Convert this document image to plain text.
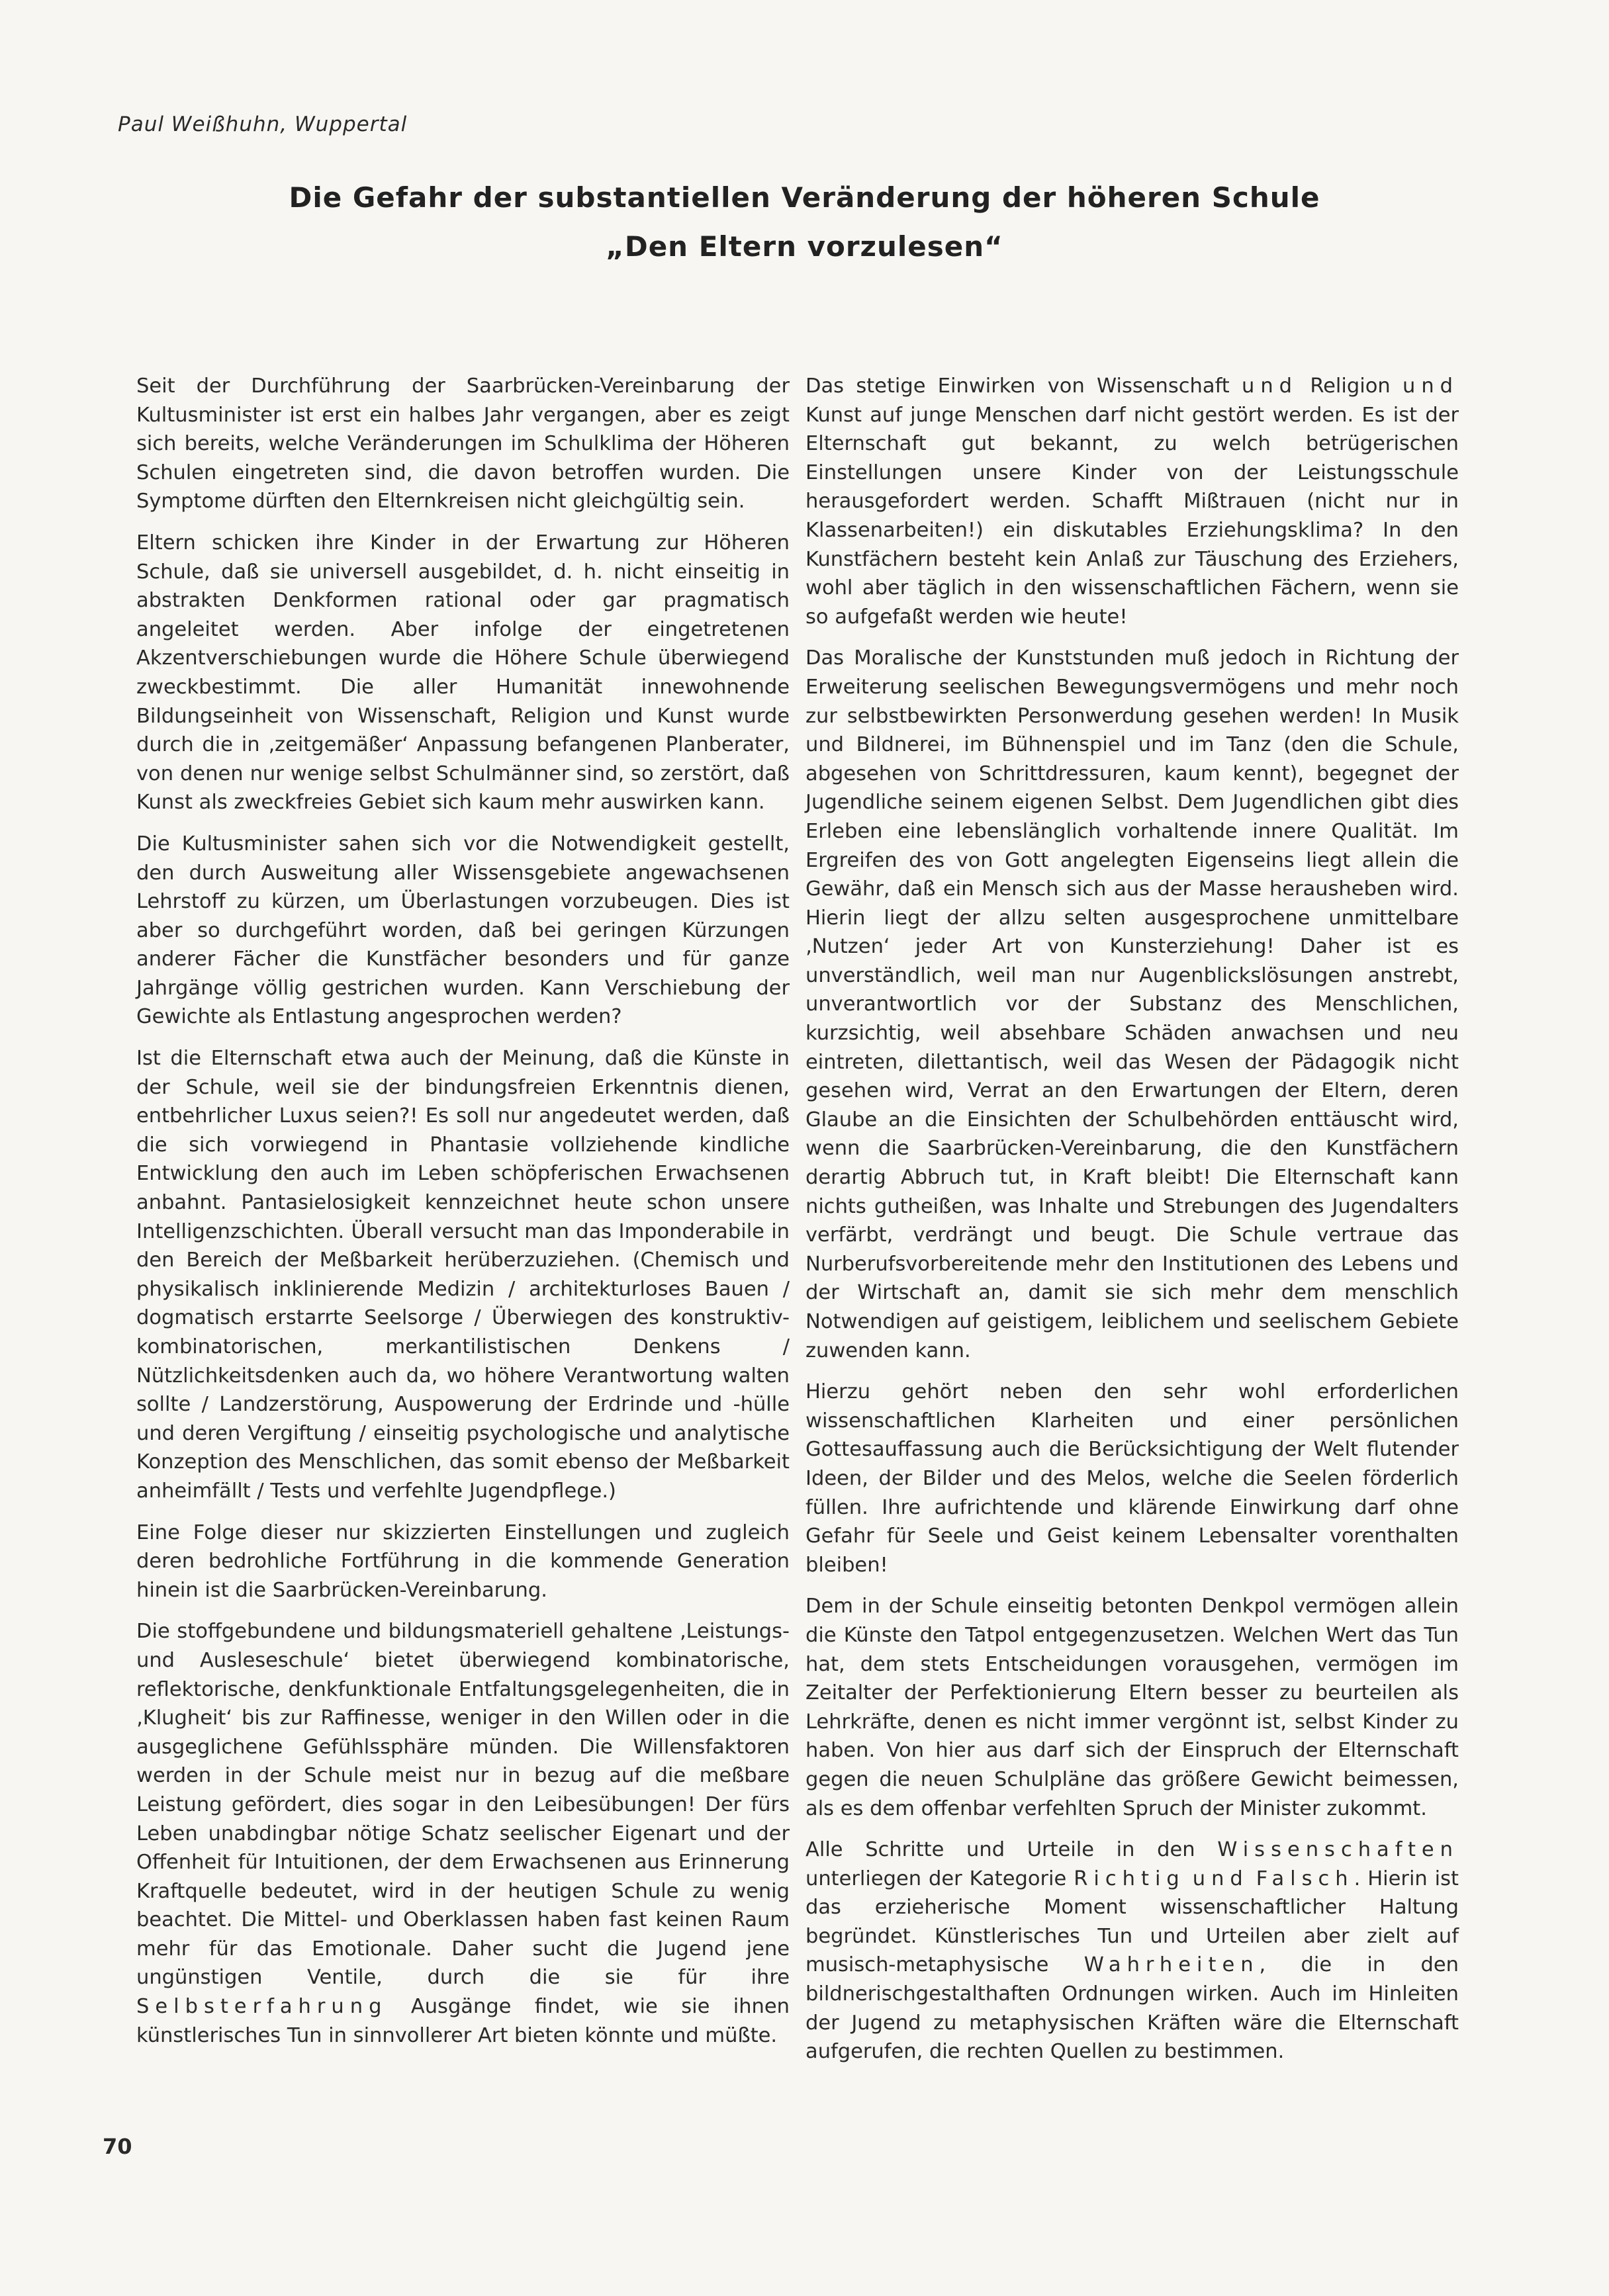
Paul Weißhuhn, Wuppertal
Die Gefahr der substantiellen Veränderung der höheren Schule
„Den Eltern vorzulesen“

Seit der Durchführung der Saarbrücken-Vereinbarung der Kultusminister ist erst ein halbes Jahr vergangen, aber es zeigt sich bereits, welche Veränderungen im Schulklima der Höheren Schulen eingetreten sind, die davon betroffen wurden. Die Symptome dürften den Elternkreisen nicht gleichgültig sein.

Eltern schicken ihre Kinder in der Erwartung zur Höheren Schule, daß sie universell ausgebildet, d. h. nicht einseitig in abstrakten Denkformen rational oder gar pragmatisch angeleitet werden. Aber infolge der eingetretenen Akzentverschiebungen wurde die Höhere Schule überwiegend zweckbestimmt. Die aller Humanität innewohnende Bildungseinheit von Wissenschaft, Religion und Kunst wurde durch die in ‚zeitgemäßer‘ Anpassung befangenen Planberater, von denen nur wenige selbst Schulmänner sind, so zerstört, daß Kunst als zweckfreies Gebiet sich kaum mehr auswirken kann.

Die Kultusminister sahen sich vor die Notwendigkeit gestellt, den durch Ausweitung aller Wissensgebiete angewachsenen Lehrstoff zu kürzen, um Überlastungen vorzubeugen. Dies ist aber so durchgeführt worden, daß bei geringen Kürzungen anderer Fächer die Kunstfächer besonders und für ganze Jahrgänge völlig gestrichen wurden. Kann Verschiebung der Gewichte als Entlastung angesprochen werden?

Ist die Elternschaft etwa auch der Meinung, daß die Künste in der Schule, weil sie der bindungsfreien Erkenntnis dienen, entbehrlicher Luxus seien?! Es soll nur angedeutet werden, daß die sich vorwiegend in Phantasie vollziehende kindliche Entwicklung den auch im Leben schöpferischen Erwachsenen anbahnt. Pantasielosigkeit kennzeichnet heute schon unsere Intelligenzschichten. Überall versucht man das Imponderabile in den Bereich der Meßbarkeit herüberzuziehen. (Chemisch und physikalisch inklinierende Medizin / architekturloses Bauen / dogmatisch erstarrte Seelsorge / Überwiegen des konstruktiv-kombinatorischen, merkantilistischen Denkens / Nützlichkeitsdenken auch da, wo höhere Verantwortung walten sollte / Landzerstörung, Auspowerung der Erdrinde und -hülle und deren Vergiftung / einseitig psychologische und analytische Konzeption des Menschlichen, das somit ebenso der Meßbarkeit anheimfällt / Tests und verfehlte Jugendpflege.)

Eine Folge dieser nur skizzierten Einstellungen und zugleich deren bedrohliche Fortführung in die kommende Generation hinein ist die Saarbrücken-Vereinbarung.

Die stoffgebundene und bildungsmateriell gehaltene ‚Leistungs- und Ausleseschule‘ bietet überwiegend kombinatorische, reflektorische, denkfunktionale Entfaltungsgelegenheiten, die in ‚Klugheit‘ bis zur Raffinesse, weniger in den Willen oder in die ausgeglichene Gefühlssphäre münden. Die Willensfaktoren werden in der Schule meist nur in bezug auf die meßbare Leistung gefördert, dies sogar in den Leibesübungen! Der fürs Leben unabdingbar nötige Schatz seelischer Eigenart und der Offenheit für Intuitionen, der dem Erwachsenen aus Erinnerung Kraftquelle bedeutet, wird in der heutigen Schule zu wenig beachtet. Die Mittel- und Oberklassen haben fast keinen Raum mehr für das Emotionale. Daher sucht die Jugend jene ungünstigen Ventile, durch die sie für ihre Selbsterfahrung Ausgänge findet, wie sie ihnen künstlerisches Tun in sinnvollerer Art bieten könnte und müßte.

Das stetige Einwirken von Wissenschaft und Religion und Kunst auf junge Menschen darf nicht gestört werden. Es ist der Elternschaft gut bekannt, zu welch betrügerischen Einstellungen unsere Kinder von der Leistungsschule herausgefordert werden. Schafft Mißtrauen (nicht nur in Klassenarbeiten!) ein diskutables Erziehungsklima? In den Kunstfächern besteht kein Anlaß zur Täuschung des Erziehers, wohl aber täglich in den wissenschaftlichen Fächern, wenn sie so aufgefaßt werden wie heute!

Das Moralische der Kunststunden muß jedoch in Richtung der Erweiterung seelischen Bewegungsvermögens und mehr noch zur selbstbewirkten Personwerdung gesehen werden! In Musik und Bildnerei, im Bühnenspiel und im Tanz (den die Schule, abgesehen von Schrittdressuren, kaum kennt), begegnet der Jugendliche seinem eigenen Selbst. Dem Jugendlichen gibt dies Erleben eine lebenslänglich vorhaltende innere Qualität. Im Ergreifen des von Gott angelegten Eigenseins liegt allein die Gewähr, daß ein Mensch sich aus der Masse herausheben wird. Hierin liegt der allzu selten ausgesprochene unmittelbare ‚Nutzen‘ jeder Art von Kunsterziehung! Daher ist es unverständlich, weil man nur Augenblickslösungen anstrebt, unverantwortlich vor der Substanz des Menschlichen, kurzsichtig, weil absehbare Schäden anwachsen und neu eintreten, dilettantisch, weil das Wesen der Pädagogik nicht gesehen wird, Verrat an den Erwartungen der Eltern, deren Glaube an die Einsichten der Schulbehörden enttäuscht wird, wenn die Saarbrücken-Vereinbarung, die den Kunstfächern derartig Abbruch tut, in Kraft bleibt! Die Elternschaft kann nichts gutheißen, was Inhalte und Strebungen des Jugendalters verfärbt, verdrängt und beugt. Die Schule vertraue das Nurberufsvorbereitende mehr den Institutionen des Lebens und der Wirtschaft an, damit sie sich mehr dem menschlich Notwendigen auf geistigem, leiblichem und seelischem Gebiete zuwenden kann.

Hierzu gehört neben den sehr wohl erforderlichen wissenschaftlichen Klarheiten und einer persönlichen Gottesauffassung auch die Berücksichtigung der Welt flutender Ideen, der Bilder und des Melos, welche die Seelen förderlich füllen. Ihre aufrichtende und klärende Einwirkung darf ohne Gefahr für Seele und Geist keinem Lebensalter vorenthalten bleiben!

Dem in der Schule einseitig betonten Denkpol vermögen allein die Künste den Tatpol entgegenzusetzen. Welchen Wert das Tun hat, dem stets Entscheidungen vorausgehen, vermögen im Zeitalter der Perfektionierung Eltern besser zu beurteilen als Lehrkräfte, denen es nicht immer vergönnt ist, selbst Kinder zu haben. Von hier aus darf sich der Einspruch der Elternschaft gegen die neuen Schulpläne das größere Gewicht beimessen, als es dem offenbar verfehlten Spruch der Minister zukommt.

Alle Schritte und Urteile in den Wissenschaften unterliegen der Kategorie Richtig und Falsch. Hierin ist das erzieherische Moment wissenschaftlicher Haltung begründet. Künstlerisches Tun und Urteilen aber zielt auf musisch-metaphysische Wahrheiten, die in den bildnerischgestalthaften Ordnungen wirken. Auch im Hinleiten der Jugend zu metaphysischen Kräften wäre die Elternschaft aufgerufen, die rechten Quellen zu bestimmen.

70
